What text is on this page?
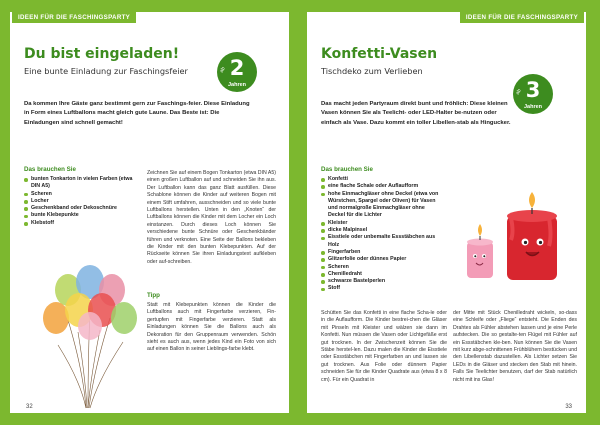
IDEEN FÜR DIE FASCHINGSPARTY
Du bist eingeladen!
Eine bunte Einladung zur Faschingsfeier	ab 2
Jahren
Da kommen Ihre Gäste ganz bestimmt gern zur Faschings-feier. Diese Einladung in Form eines Luftballons macht gleich gute Laune. Das Beste ist: Die Einladungen sind schnell gemacht!
Das brauchen Sie
bunten Tonkarton in vielen Farben (etwa DIN A5)
Scheren
Locher
Geschenkband oder Dekoschnüre
bunte Klebepunkte
Klebstoff
Zeichnen Sie auf einem Bogen Tonkarton (etwa DIN A5) einen großen Luftballon auf und schneiden Sie ihn aus. Der Luftballon kann das ganz Blatt ausfüllen. Diese Schablone können die Kinder auf weiteren Bogen mit einem Stift umfahren, ausschneiden und so viele bunte Luftballons herstellen. Unten in den „Knoten“ der Luftballons können die Kinder mit dem Locher ein Loch einstanzen. Durch dieses Loch können Sie verschiedene bunte Schnüre oder Geschenkbänder führen und verknoten. Eine Seite der Ballons bekleben die Kinder mit den bunten Klebepunkten. Auf der Rückseite können Sie ihren Einladungstext aufkleben oder auf-schreiben.
Tipp
Statt mit Klebepunkten können die Kinder die Luftballons auch mit Fingerfarbe verzieren, Fin-gertupfen mit Fingerfarbe verzieren. Statt als Einladungen können Sie die Ballons auch als Dekoration für den Gruppenraum verwenden. Schön sieht es auch aus, wenn jedes Kind ein Foto von sich auf einen Ballon in seiner Lieblings-farbe klebt.
32
IDEEN FÜR DIE FASCHINGSPARTY
Konfetti-Vasen
Tischdeko zum Verlieben
ab 3
Jahren
Das macht jeden Partyraum direkt bunt und fröhlich: Diese kleinen Vasen können Sie als Teelicht- oder LED-Halter be-nutzen oder einfach als Vase. Dazu kommt ein toller Libellen-stab als Hingucker.
Das brauchen Sie
Konfetti
eine flache Schale oder Auflaufform
hohe Einmachgläser ohne Deckel (etwa von Würstchen, Spargel oder Oliven) für Vasen und normalgroße Einmachgläser ohne Deckel für die Lichter
Kleister
dicke Malpinsel
Eisstiele oder unbemalte Essstäbchen aus Holz
Fingerfarben
Glitzerfolie oder dünnes Papier
Scheren
Chenilledraht
schwarze Bastelperlen
Stoff
Schütten Sie das Konfetti in eine flache Scha-le oder in die Auflaufform. Die Kinder bestrei-chen die Gläser mit Pinseln mit Kleister und wälzen sie dann im Konfetti. Nun müssen die Vasen oder Lichtgefäße erst gut trocknen. In der Zwischenzeit können Sie die Stäbe herstel-len. Dazu malen die Kinder die Eisstiele oder Essstäbchen mit Fingerfarben an und lassen sie gut trocknen. Aus Folie oder dünnem Papier schneiden Sie für die Kinder Quadrate aus (etwa 8 x 8 cm). Für ein Quadrat in
der Mitte mit Stück Chenilledraht wickeln, so-dass eine Schleife oder „Fliege“ entsteht. Die Enden des Drahtes als Fühler abstehen lassen und je eine Perle aufstecken. Die so gestalte-ten Flügel mit Fühler auf ein Essstäbchen kle-ben. Nun können Sie die Vasen mit kurz abge-schnittenen Frühblühern bestücken und den Libellenstab dazustellen. Als Lichter setzen Sie LEDs in die Gläser und stecken den Stab mit hinein. Falls Sie Teelichter benutzen, darf der Stab natürlich nicht mit ins Glas!
33
